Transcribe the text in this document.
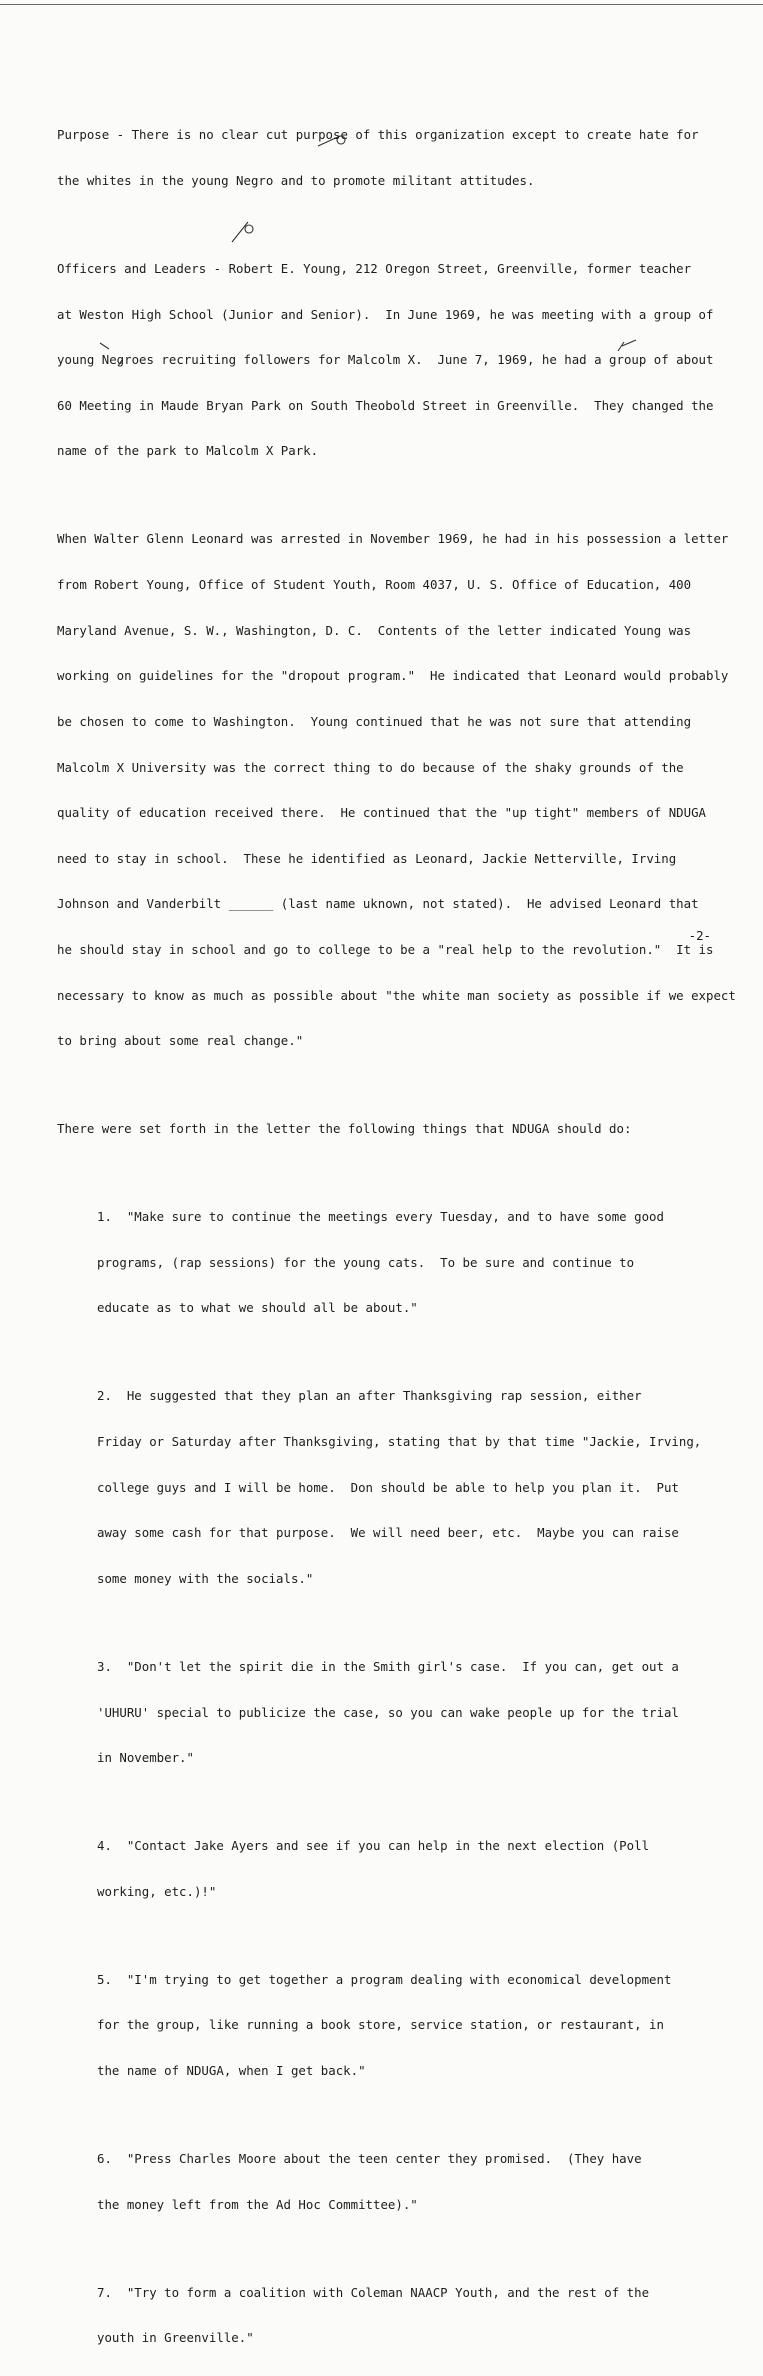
Purpose - There is no clear cut purpose of this organization except to create hate for

the whites in the young Negro and to promote militant attitudes.

Officers and Leaders - Robert E. Young, 212 Oregon Street, Greenville, former teacher

at Weston High School (Junior and Senior).  In June 1969, he was meeting with a group of

young Negroes recruiting followers for Malcolm X.  June 7, 1969, he had a group of about

60 Meeting in Maude Bryan Park on South Theobold Street in Greenville.  They changed the

name of the park to Malcolm X Park.

When Walter Glenn Leonard was arrested in November 1969, he had in his possession a letter

from Robert Young, Office of Student Youth, Room 4037, U. S. Office of Education, 400

Maryland Avenue, S. W., Washington, D. C.  Contents of the letter indicated Young was

working on guidelines for the "dropout program."  He indicated that Leonard would probably

be chosen to come to Washington.  Young continued that he was not sure that attending

Malcolm X University was the correct thing to do because of the shaky grounds of the

quality of education received there.  He continued that the "up tight" members of NDUGA

need to stay in school.  These he identified as Leonard, Jackie Netterville, Irving

Johnson and Vanderbilt ______ (last name uknown, not stated).  He advised Leonard that

he should stay in school and go to college to be a "real help to the revolution."  It is

necessary to know as much as possible about "the white man society as possible if we expect

to bring about some real change."

There were set forth in the letter the following things that NDUGA should do:

1.  "Make sure to continue the meetings every Tuesday, and to have some good

programs, (rap sessions) for the young cats.  To be sure and continue to

educate as to what we should all be about."

2.  He suggested that they plan an after Thanksgiving rap session, either

Friday or Saturday after Thanksgiving, stating that by that time "Jackie, Irving,

college guys and I will be home.  Don should be able to help you plan it.  Put

away some cash for that purpose.  We will need beer, etc.  Maybe you can raise

some money with the socials."

3.  "Don't let the spirit die in the Smith girl's case.  If you can, get out a

'UHURU' special to publicize the case, so you can wake people up for the trial

in November."

4.  "Contact Jake Ayers and see if you can help in the next election (Poll

working, etc.)!"

5.  "I'm trying to get together a program dealing with economical development

for the group, like running a book store, service station, or restaurant, in

the name of NDUGA, when I get back."

6.  "Press Charles Moore about the teen center they promised.  (They have

the money left from the Ad Hoc Committee)."

7.  "Try to form a coalition with Coleman NAACP Youth, and the rest of the

youth in Greenville."

-2-
